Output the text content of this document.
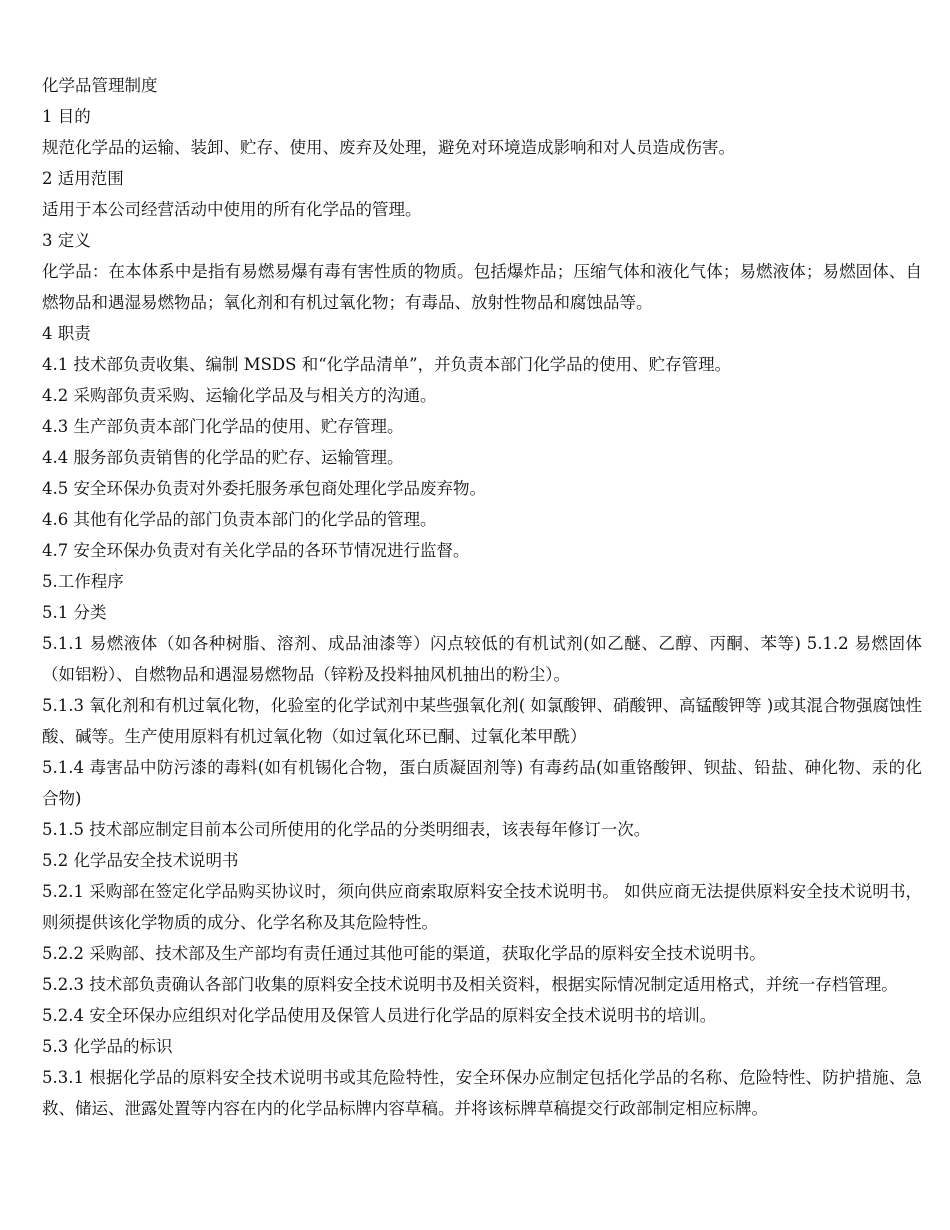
化学品管理制度

1 目的

规范化学品的运输、装卸、贮存、使用、废弃及处理，避免对环境造成影响和对人员造成伤害。

2 适用范围

适用于本公司经营活动中使用的所有化学品的管理。

3 定义

化学品：在本体系中是指有易燃易爆有毒有害性质的物质。包括爆炸品；压缩气体和液化气体；易燃液体；易燃固体、自燃物品和遇湿易燃物品；氧化剂和有机过氧化物；有毒品、放射性物品和腐蚀品等。

4 职责

4.1 技术部负责收集、编制 MSDS 和“化学品清单”，并负责本部门化学品的使用、贮存管理。

4.2 采购部负责采购、运输化学品及与相关方的沟通。

4.3 生产部负责本部门化学品的使用、贮存管理。

4.4 服务部负责销售的化学品的贮存、运输管理。

4.5 安全环保办负责对外委托服务承包商处理化学品废弃物。

4.6 其他有化学品的部门负责本部门的化学品的管理。

4.7 安全环保办负责对有关化学品的各环节情况进行监督。

5.工作程序

5.1 分类

5.1.1 易燃液体（如各种树脂、溶剂、成品油漆等）闪点较低的有机试剂(如乙醚、乙醇、丙酮、苯等) 5.1.2 易燃固体（如铝粉）、自燃物品和遇湿易燃物品（锌粉及投料抽风机抽出的粉尘）。

5.1.3 氧化剂和有机过氧化物，化验室的化学试剂中某些强氧化剂( 如氯酸钾、硝酸钾、高锰酸钾等 )或其混合物强腐蚀性酸、碱等。生产使用原料有机过氧化物（如过氧化环已酮、过氧化苯甲酰）

5.1.4 毒害品中防污漆的毒料(如有机锡化合物，蛋白质凝固剂等) 有毒药品(如重铬酸钾、钡盐、铅盐、砷化物、汞的化合物)

5.1.5 技术部应制定目前本公司所使用的化学品的分类明细表，该表每年修订一次。

5.2 化学品安全技术说明书

5.2.1 采购部在签定化学品购买协议时，须向供应商索取原料安全技术说明书。 如供应商无法提供原料安全技术说明书，则须提供该化学物质的成分、化学名称及其危险特性。

5.2.2 采购部、技术部及生产部均有责任通过其他可能的渠道，获取化学品的原料安全技术说明书。

5.2.3 技术部负责确认各部门收集的原料安全技术说明书及相关资料，根据实际情况制定适用格式，并统一存档管理。

5.2.4 安全环保办应组织对化学品使用及保管人员进行化学品的原料安全技术说明书的培训。

5.3 化学品的标识

5.3.1 根据化学品的原料安全技术说明书或其危险特性，安全环保办应制定包括化学品的名称、危险特性、防护措施、急救、储运、泄露处置等内容在内的化学品标牌内容草稿。并将该标牌草稿提交行政部制定相应标牌。
